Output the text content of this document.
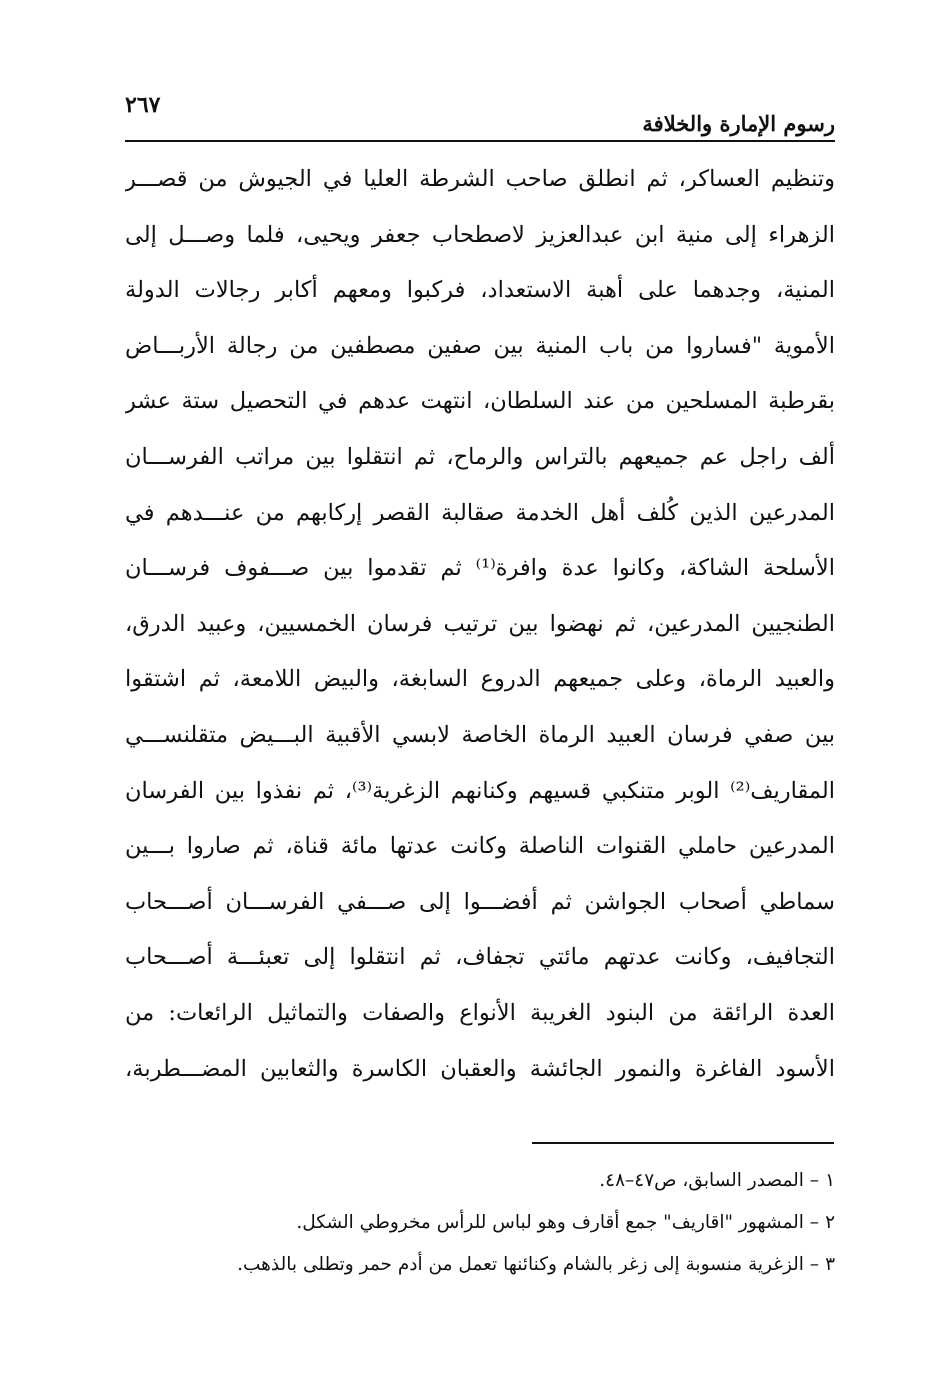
٢٦٧
رسوم الإمارة والخلافة
وتنظيم العساكر، ثم انطلق صاحب الشرطة العليا في الجيوش من قصـــر
الزهراء إلى منية ابن عبدالعزيز لاصطحاب جعفر ويحيى، فلما وصـــل إلى
المنية، وجدهما على أهبة الاستعداد، فركبوا ومعهم أكابر رجالات الدولة
الأموية "فساروا من باب المنية بين صفين مصطفين من رجالة الأربـــاض
بقرطبة المسلحين من عند السلطان، انتهت عدهم في التحصيل ستة عشر
ألف راجل عم جميعهم بالتراس والرماح، ثم انتقلوا بين مراتب الفرســـان
المدرعين الذين كُلف أهل الخدمة صقالبة القصر إركابهم من عنـــدهم في
الأسلحة الشاكة، وكانوا عدة وافرة⁽¹⁾ ثم تقدموا بين صـــفوف فرســـان
الطنجيين المدرعين، ثم نهضوا بين ترتيب فرسان الخمسيين، وعبيد الدرق،
والعبيد الرماة، وعلى جميعهم الدروع السابغة، والبيض اللامعة، ثم اشتقوا
بين صفي فرسان العبيد الرماة الخاصة لابسي الأقبية البـــيض متقلنســـي
المقاريف⁽²⁾ الوبر متنكبي قسيهم وكنانهم الزغرية⁽³⁾، ثم نفذوا بين الفرسان
المدرعين حاملي القنوات الناصلة وكانت عدتها مائة قناة، ثم صاروا بـــين
سماطي أصحاب الجواشن ثم أفضـــوا إلى صـــفي الفرســـان أصـــحاب
التجافيف، وكانت عدتهم مائتي تجفاف، ثم انتقلوا إلى تعبئـــة أصـــحاب
العدة الرائقة من البنود الغريبة الأنواع والصفات والتماثيل الرائعات: من
الأسود الفاغرة والنمور الجائشة والعقبان الكاسرة والثعابين المضـــطربة،
١– المصدر السابق، ص٤٧–٤٨.
٢– المشهور "اقاريف" جمع أقارف وهو لباس للرأس مخروطي الشكل.
٣– الزغرية منسوبة إلى زغر بالشام وكنائنها تعمل من أدم حمر وتطلى بالذهب.
